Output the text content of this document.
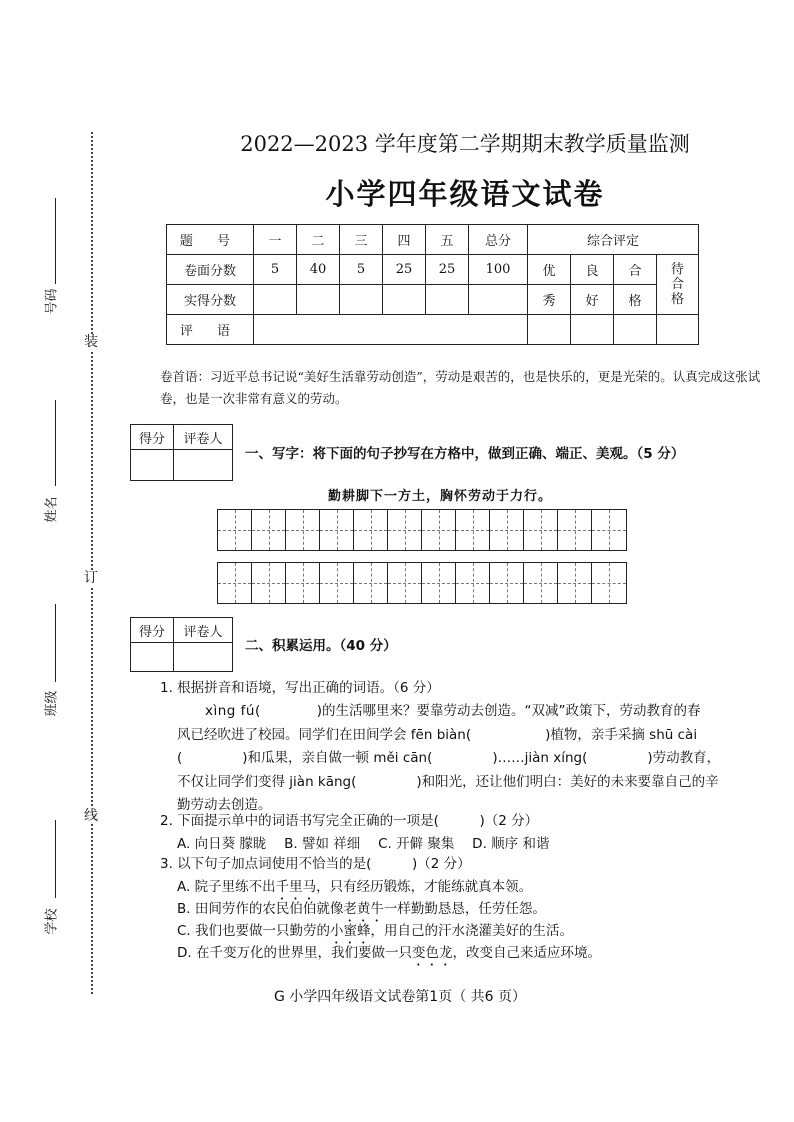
装
订
线
号码
姓名
班级
学校
2022—2023 学年度第二学期期末教学质量监测
小学四年级语文试卷
题 号	一	二	三	四	五	总分	综合评定			
卷面分数	5	40	5	25	25	100	优	良	合	待合格
实得分数							秀	好	格	
评 语										
卷首语：习近平总书记说“美好生活靠劳动创造”，劳动是艰苦的，也是快乐的，更是光荣的。认真完成这张试卷，也是一次非常有意义的劳动。
得分	评卷人

一、写字：将下面的句子抄写在方格中，做到正确、端正、美观。（5 分）
勤耕脚下一方土，胸怀劳动于力行。
得分	评卷人

二、积累运用。（40 分）
1. 根据拼音和语境，写出正确的词语。（6 分）
xìng fú(	)的生活哪里来？要靠劳动去创造。“双减”政策下，劳动教育的春
风已经吹进了校园。同学们在田间学会 fēn biàn(	)植物，亲手采摘 shū cài
(	)和瓜果，亲自做一顿 měi cān(	)……jiàn xíng(	)劳动教育，
不仅让同学们变得 jiàn kāng(	)和阳光，还让他们明白：美好的未来要靠自己的辛
勤劳动去创造。
2. 下面提示单中的词语书写完全正确的一项是(　　　)（2 分）
A. 向日葵 朦眬 　B. 譬如 祥细 　C. 开僻 聚集 　D. 顺序 和谐
3. 以下句子加点词使用不恰当的是(　　　)（2 分）
A. 院子里练不出千里马，只有经历锻炼，才能练就真本领。
B. 田间劳作的农民伯伯就像老黄牛一样勤勤恳恳，任劳任怨。
C. 我们也要做一只勤劳的小蜜蜂，用自己的汗水浇灌美好的生活。
D. 在千变万化的世界里，我们要做一只变色龙，改变自己来适应环境。
G 小学四年级语文试卷第1页（ 共6 页）
